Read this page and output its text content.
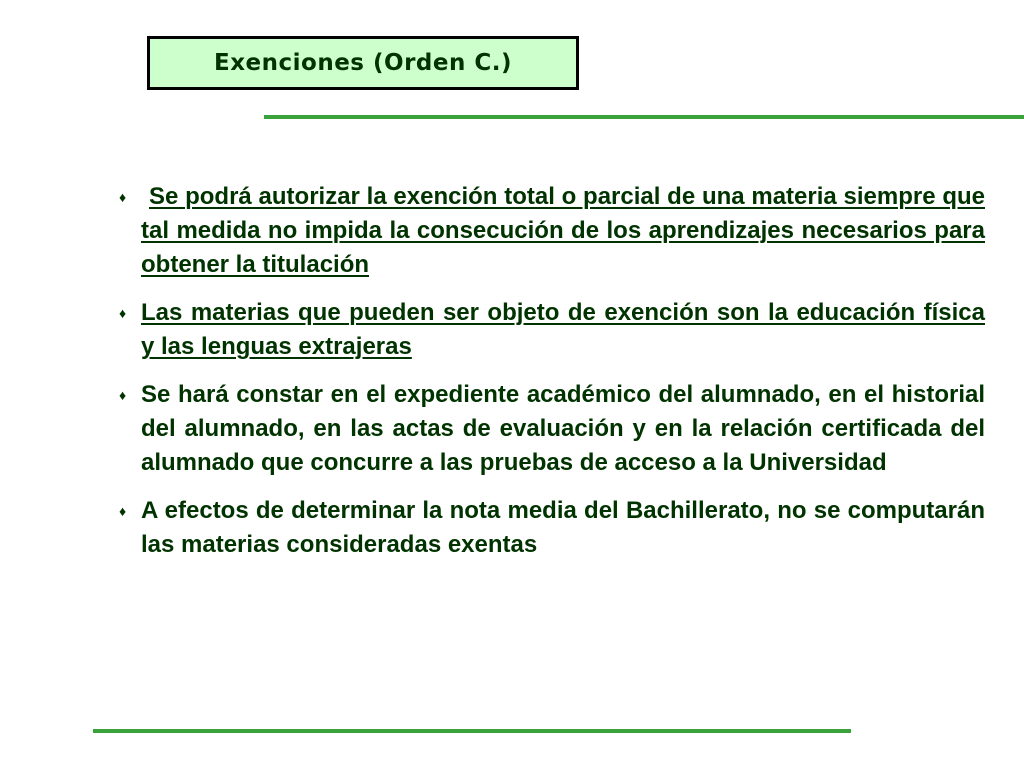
Exenciones (Orden C.)
♦ Se podrá autorizar la exención total o parcial de una materia siempre que tal medida no impida la consecución de los aprendizajes necesarios para obtener la titulación
♦ Las materias que pueden ser objeto de exención son la educación física y las lenguas extrajeras
♦ Se hará constar en el expediente académico del alumnado, en el historial del alumnado, en las actas de evaluación y en la relación certificada del alumnado que concurre a las pruebas de acceso a la Universidad
♦ A efectos de determinar la nota media del Bachillerato, no se computarán las materias consideradas exentas
